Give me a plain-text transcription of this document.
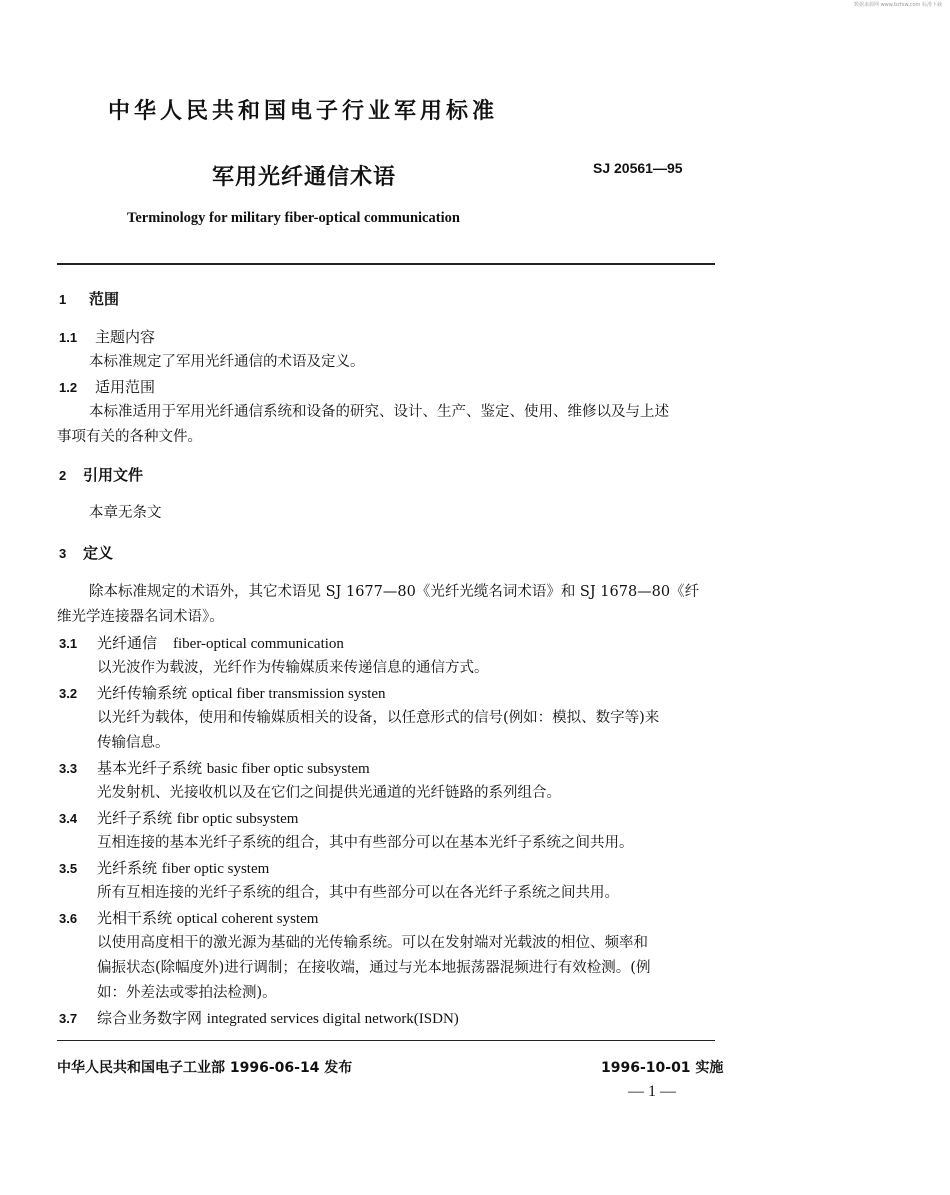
数据来源网 www.bzfxw.com 标准下载
中华人民共和国电子行业军用标准
军用光纤通信术语	SJ 20561—95
Terminology for military fiber-optical communication
1 范围
1.1 主题内容
本标准规定了军用光纤通信的术语及定义。
1.2 适用范围
本标准适用于军用光纤通信系统和设备的研究、设计、生产、鉴定、使用、维修以及与上述
事项有关的各种文件。
2 引用文件
本章无条文
3 定义
除本标准规定的术语外，其它术语见 SJ 1677—80《光纤光缆名词术语》和 SJ 1678—80《纤
维光学连接器名词术语》。
3.1 光纤通信 fiber-optical communication
以光波作为载波，光纤作为传输媒质来传递信息的通信方式。
3.2 光纤传输系统 optical fiber transmission systen
以光纤为载体，使用和传输媒质相关的设备，以任意形式的信号(例如：模拟、数字等)来
传输信息。
3.3 基本光纤子系统 basic fiber optic subsystem
光发射机、光接收机以及在它们之间提供光通道的光纤链路的系列组合。
3.4 光纤子系统 fibr optic subsystem
互相连接的基本光纤子系统的组合，其中有些部分可以在基本光纤子系统之间共用。
3.5 光纤系统 fiber optic system
所有互相连接的光纤子系统的组合，其中有些部分可以在各光纤子系统之间共用。
3.6 光相干系统 optical coherent system
以使用高度相干的激光源为基础的光传输系统。可以在发射端对光载波的相位、频率和
偏振状态(除幅度外)进行调制；在接收端，通过与光本地振荡器混频进行有效检测。(例
如：外差法或零拍法检测)。
3.7 综合业务数字网 integrated services digital network(ISDN)
中华人民共和国电子工业部 1996-06-14 发布	1996-10-01 实施
— 1 —
